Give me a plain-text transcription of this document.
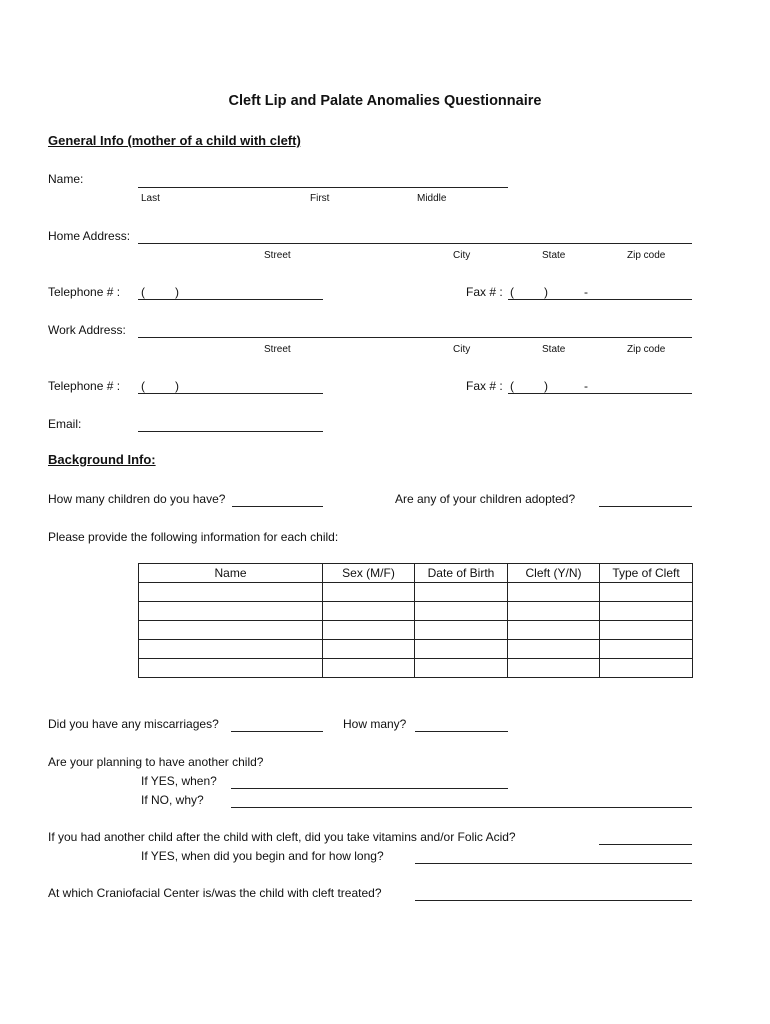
Cleft Lip and Palate Anomalies Questionnaire
General Info (mother of a child with cleft)
Name:
Last	First	Middle
Home Address:
Street	City	State	Zip code
Telephone # : (	)	Fax # : (	)	-
Work Address:
Street	City	State	Zip code
Telephone # : (	)	Fax # : (	)	-
Email:
Background Info:
How many children do you have?	Are any of your children adopted?
Please provide the following information for each child:
Name	Sex (M/F)	Date of Birth	Cleft (Y/N)	Type of Cleft

Did you have any miscarriages?	How many?
Are your planning to have another child?
If YES, when?
If NO, why?
If you had another child after the child with cleft, did you take vitamins and/or Folic Acid?
If YES, when did you begin and for how long?
At which Craniofacial Center is/was the child with cleft treated?
